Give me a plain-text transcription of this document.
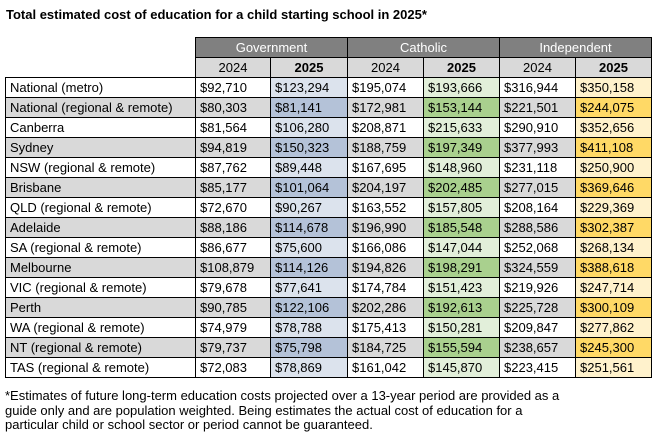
Total estimated cost of education for a child starting school in 2025*
	Government		Catholic		Independent	
	2024	2025	2024	2025	2024	2025
National (metro)	$92,710	$123,294	$195,074	$193,666	$316,944	$350,158
National (regional & remote)	$80,303	$81,141	$172,981	$153,144	$221,501	$244,075
Canberra	$81,564	$106,280	$208,871	$215,633	$290,910	$352,656
Sydney	$94,819	$150,323	$188,759	$197,349	$377,993	$411,108
NSW (regional & remote)	$87,762	$89,448	$167,695	$148,960	$231,118	$250,900
Brisbane	$85,177	$101,064	$204,197	$202,485	$277,015	$369,646
QLD (regional & remote)	$72,670	$90,267	$163,552	$157,805	$208,164	$229,369
Adelaide	$88,186	$114,678	$196,990	$185,548	$288,586	$302,387
SA (regional & remote)	$86,677	$75,600	$166,086	$147,044	$252,068	$268,134
Melbourne	$108,879	$114,126	$194,826	$198,291	$324,559	$388,618
VIC (regional & remote)	$79,678	$77,641	$174,784	$151,423	$219,926	$247,714
Perth	$90,785	$122,106	$202,286	$192,613	$225,728	$300,109
WA (regional & remote)	$74,979	$78,788	$175,413	$150,281	$209,847	$277,862
NT (regional & remote)	$79,737	$75,798	$184,725	$155,594	$238,657	$245,300
TAS (regional & remote)	$72,083	$78,869	$161,042	$145,870	$223,415	$251,561
*Estimates of future long-term education costs projected over a 13-year period are provided as a
guide only and are population weighted. Being estimates the actual cost of education for a
particular child or school sector or period cannot be guaranteed.
